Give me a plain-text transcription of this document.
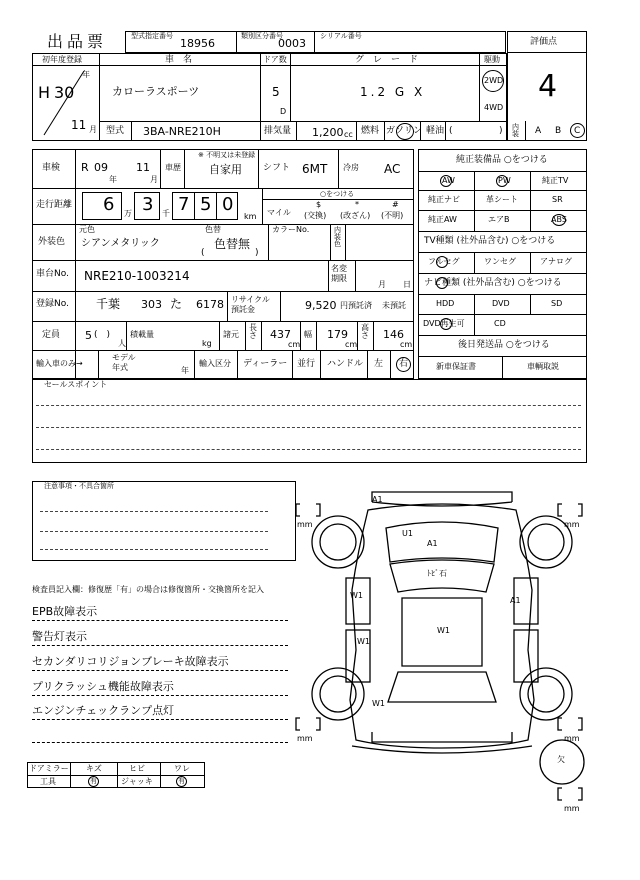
出品票	型式指定番号
18956
類別区分番号
0003
シリアル番号
評価点
4
初年度登録
H 30
年
11 月
車　名
カローラスポーツ
ドア数
5
D
グ　レ　ー　ド
1.2 G X
駆動
2WD
4WD
型式 3BA-NRE210H	排気量 1,200 cc 燃料 ガソリン 軽油 (	) 内装 A B C
車検 R 09
年
11
月
車歴
※ 不明又は未登録
自家用 シフト 6MT 冷房 AC
走行距離 6 万 3 千 7 5 0
km
○をつける
マイル
$
(交換)
*
(改ざん)
#
(不明)
外装色
元色
シアンメタリック
色替
色替無
(	)
カラーNo.	内装色
車台No. NRE210-1003214
名変期限
月 日
登録No. 千葉 303 た 6178 リサイクル預託金	9,520 円預託済 未預託
定員 5 (　)
人
積載量
kg
諸元
長さ 437
cm
幅 179
cm
高さ 146
cm
輸入車のみ→
モデル年式	年
輸入区分 ディーラー 並行 ハンドル 左 右
純正装備品 ○をつける
AW	PW	純正TV
純正ナビ	革シート	SR
純正AW	エアB	ABS
TV種類 (社外品含む) ○をつける
フルセグ	ワンセグ	アナログ
ナビ種類 (社外品含む) ○をつける
HDD	DVD	SD
DVD再生可	CD
後日発送品 ○をつける
新車保証書	車輌取説
セールスポイント
注意事項・不具合箇所
検査員記入欄：修復歴「有」の場合は修復箇所・交換箇所を記入
EPB故障表示
警告灯表示
セカンダリコリジョンブレーキ故障表示
プリクラッシュ機能故障表示
エンジンチェックランプ点灯
mm	mm
mm	mm
mm
A1
U1
A1
ﾄﾋﾞ石
W1
A1
W1
W1
W1
欠
ドアミラー キズ	ヒビ	ワレ
工具	有	ジャッキ	有
